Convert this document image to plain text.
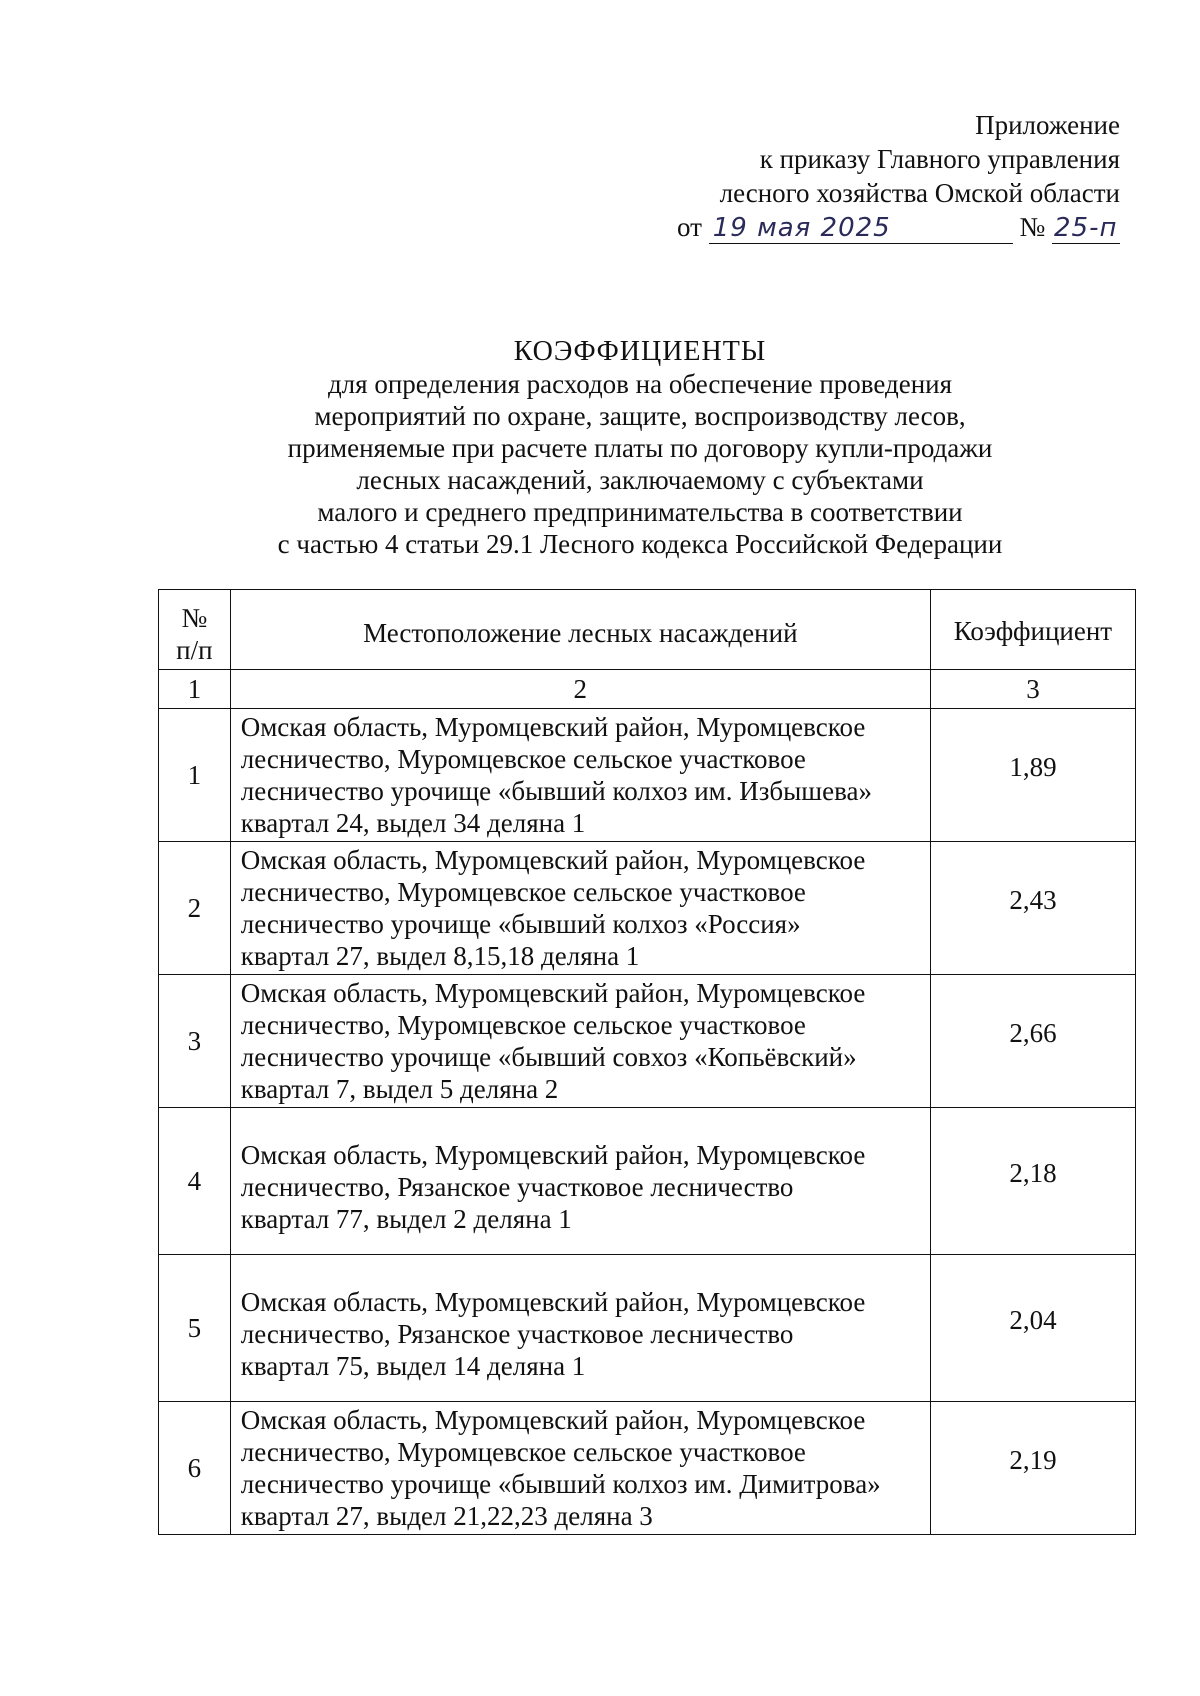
Приложение
к приказу Главного управления
лесного хозяйства Омской области
от 19 мая 2025	№ 25-п
КОЭФФИЦИЕНТЫ
для определения расходов на обеспечение проведения
мероприятий по охране, защите, воспроизводству лесов,
применяемые при расчете платы по договору купли-продажи
лесных насаждений, заключаемому с субъектами
малого и среднего предпринимательства в соответствии
с частью 4 статьи 29.1 Лесного кодекса Российской Федерации
№
п/п	Местоположение лесных насаждений	Коэффициент
1	2	3
1	Омская область, Муромцевский район, Муромцевское
лесничество, Муромцевское сельское участковое
лесничество урочище «бывший колхоз им. Избышева»
квартал 24, выдел 34 деляна 1	1,89
2	Омская область, Муромцевский район, Муромцевское
лесничество, Муромцевское сельское участковое
лесничество урочище «бывший колхоз «Россия»
квартал 27, выдел 8,15,18 деляна 1	2,43
3	Омская область, Муромцевский район, Муромцевское
лесничество, Муромцевское сельское участковое
лесничество урочище «бывший совхоз «Копьёвский»
квартал 7, выдел 5 деляна 2	2,66
4	Омская область, Муромцевский район, Муромцевское
лесничество, Рязанское участковое лесничество
квартал 77, выдел 2 деляна 1	2,18
5	Омская область, Муромцевский район, Муромцевское
лесничество, Рязанское участковое лесничество
квартал 75, выдел 14 деляна 1	2,04
6	Омская область, Муромцевский район, Муромцевское
лесничество, Муромцевское сельское участковое
лесничество урочище «бывший колхоз им. Димитрова»
квартал 27, выдел 21,22,23 деляна 3	2,19
